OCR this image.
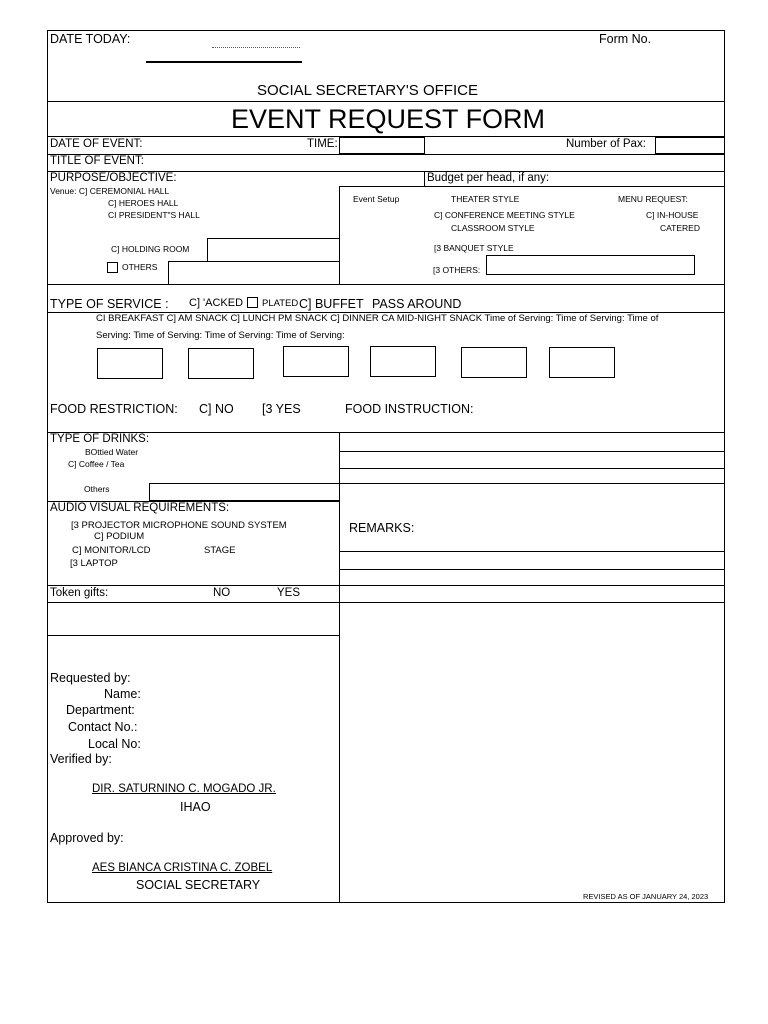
DATE TODAY:	Form No.
SOCIAL SECRETARY'S OFFICE
EVENT REQUEST FORM
DATE OF EVENT:	TIME:	Number of Pax:
TITLE OF EVENT:
PURPOSE/OBJECTIVE:	Budget per head, if any:
Venue: C] CEREMONIAL HALL
C] HEROES HALL
CI PRESIDENT"S HALL
C] HOLDING ROOM
OTHERS
Event Setup	THEATER STYLE	MENU REQUEST:
C] CONFERENCE MEETING STYLE	C] IN-HOUSE
CLASSROOM STYLE	CATERED
[3 BANQUET STYLE
[3 OTHERS:
TYPE OF SERVICE : C] 'ACKED PLATED C] BUFFET PASS AROUND
CI BREAKFAST C] AM SNACK C] LUNCH PM SNACK C] DINNER CA MID-NIGHT SNACK Time of Serving: Time of Serving: Time of
Serving: Time of Serving: Time of Serving: Time of Serving:
FOOD RESTRICTION: C] NO [3 YES	FOOD INSTRUCTION:
TYPE OF DRINKS:
BOttied Water
C] Coffee / Tea
Others
AUDIO VISUAL REQUIREMENTS:
[3 PROJECTOR MICROPHONE SOUND SYSTEM
C] PODIUM
C] MONITOR/LCD	STAGE
[3 LAPTOP
REMARKS:
Token gifts:	NO	YES
Requested by:
Name:
Department:
Contact No.:
Local No:
Verified by:
DIR. SATURNINO C. MOGADO JR.
IHAO
Approved by:
AES BIANCA CRISTINA C. ZOBEL
SOCIAL SECRETARY
REVISED AS OF JANUARY 24, 2023
